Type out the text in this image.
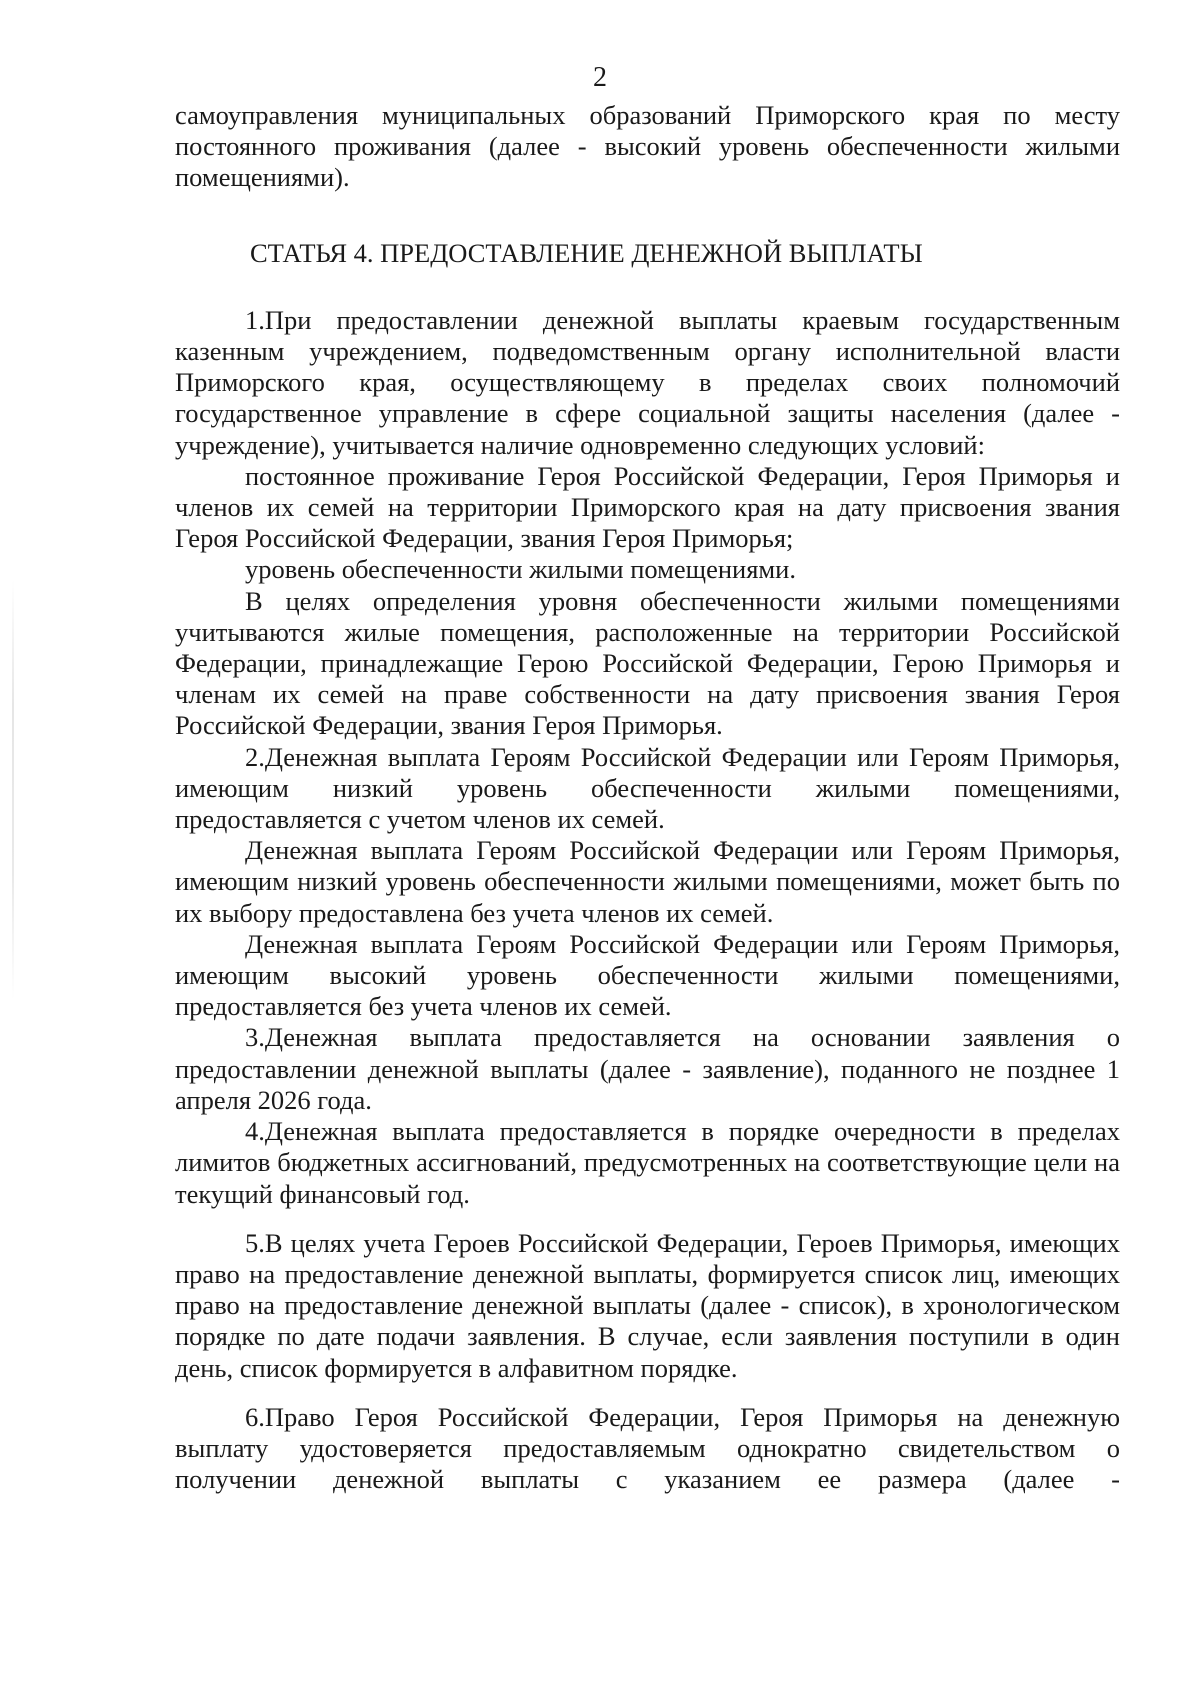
2

самоуправления муниципальных образований Приморского края по месту постоянного проживания (далее - высокий уровень обеспеченности жилыми помещениями).

СТАТЬЯ 4. ПРЕДОСТАВЛЕНИЕ ДЕНЕЖНОЙ ВЫПЛАТЫ

1.При предоставлении денежной выплаты краевым государственным казенным учреждением, подведомственным органу исполнительной власти Приморского края, осуществляющему в пределах своих полномочий государственное управление в сфере социальной защиты населения (далее - учреждение), учитывается наличие одновременно следующих условий:

постоянное проживание Героя Российской Федерации, Героя Приморья и членов их семей на территории Приморского края на дату присвоения звания Героя Российской Федерации, звания Героя Приморья;

уровень обеспеченности жилыми помещениями.

В целях определения уровня обеспеченности жилыми помещениями учитываются жилые помещения, расположенные на территории Российской Федерации, принадлежащие Герою Российской Федерации, Герою Приморья и членам их семей на праве собственности на дату присвоения звания Героя Российской Федерации, звания Героя Приморья.

2.Денежная выплата Героям Российской Федерации или Героям Приморья, имеющим низкий уровень обеспеченности жилыми помещениями, предоставляется с учетом членов их семей.

Денежная выплата Героям Российской Федерации или Героям Приморья, имеющим низкий уровень обеспеченности жилыми помещениями, может быть по их выбору предоставлена без учета членов их семей.

Денежная выплата Героям Российской Федерации или Героям Приморья, имеющим высокий уровень обеспеченности жилыми помещениями, предоставляется без учета членов их семей.

3.Денежная выплата предоставляется на основании заявления о предоставлении денежной выплаты (далее - заявление), поданного не позднее 1 апреля 2026 года.

4.Денежная выплата предоставляется в порядке очередности в пределах лимитов бюджетных ассигнований, предусмотренных на соответствующие цели на текущий финансовый год.

5.В целях учета Героев Российской Федерации, Героев Приморья, имеющих право на предоставление денежной выплаты, формируется список лиц, имеющих право на предоставление денежной выплаты (далее - список), в хронологическом порядке по дате подачи заявления. В случае, если заявления поступили в один день, список формируется в алфавитном порядке.

6.Право Героя Российской Федерации, Героя Приморья на денежную выплату удостоверяется предоставляемым однократно свидетельством о получении денежной выплаты с указанием ее размера (далее -
